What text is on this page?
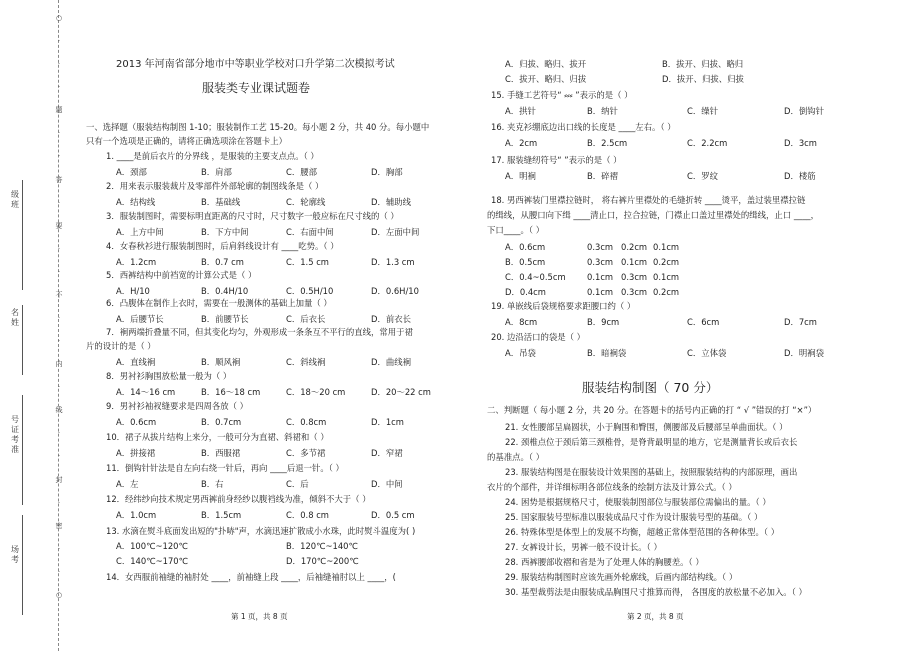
○
·
·
·
题
·
·
答
·
要
·
·
不
·
·
内
·
线
·
·
封
·
密
·
·
○
级班
名姓
号证考准
场考
2013 年河南省部分地市中等职业学校对口升学第二次模拟考试
服装类专业课试题卷
一、选择题（服装结构制图 1-10；服装制作工艺 15-20。每小题 2 分，共 40 分。每小题中
只有一个选项是正确的，请将正确选项涂在答题卡上）
7．裥两端折叠量不同，但其变化均匀，外观形成一条条互不平行的直线，常用于裙
13. 水滴在熨斗底面发出短的"扑哧"声，水滴迅速扩散成小水珠，此时熨斗温度为( )
A．100℃~120℃	B．120℃~140℃
C．140℃~170℃	D．170℃~200℃
14．女西服前袖缝的袖肘处 ____，前袖缝上段 ____，后袖缝袖肘以上 ____，(
第 1 页，共 8 页
1. ____是前后衣片的分界线 ，是服装的主要支点点。（ ）
A．颈部	B．肩部	C．腰部	D．胸部
2．用来表示服装裁片及零部件外部轮廓的制图线条是（ ）
A．结构线	B．基础线	C．轮廓线	D．辅助线
3．服装制图时，需要标明直距离的尺寸时，尺寸数字一般应标在尺寸线的（ ）
A．上方中间	B．下方中间	C．右面中间	D．左面中间
4．女春秋衫进行服装制图时，后肩斜线设计有 ____吃势。（ ）
A．1.2cm	B．0.7 cm	C．1.5 cm	D．1.3 cm
5．西裤结构中前裆宽的计算公式是（ ）
A．H/10	B．0.4H/10	C．0.5H/10	D．0.6H/10
6．凸腹体在制作上衣时，需要在一般测体的基础上加量（ ）
A．后腰节长	B．前腰节长	C．后衣长	D．前衣长
片的设计的是（ ）
A．直线裥	B．顺风裥	C．斜线裥	D．曲线裥
8．男衬衫胸围放松量一般为（ ）
A．14～16 cm	B．16～18 cm	C．18～20 cm	D．20～22 cm
9．男衬衫袖衩缝要求是四周各放（ ）
A．0.6cm	B．0.7cm	C．0.8cm	D．1cm
10．裙子从拔片结构上来分，一般可分为直裙、斜裙和（ ）
A．拼接裙	B．西服裙	C．多节裙	D．窄裙
11．倒钩针针法是自左向右绕一针后，再向 ____后退一针。（ ）
A．左	B．右	C．后	D．中间
12．经纬纱向技术规定男西裤前身经纱以腹裆线为准，倾斜不大于（ ）
A．1.0cm	B．1.5cm	C．0.8 cm	D．0.5 cm
A．归拔、略归、拔开	B．拔开、归拔、略归
C．拔开、略归、归拔	D．拔开、归拔、归拔
18. 男西裤装门里襟拉链时， 将右裤片里襟处的毛缝折转 ____烫平，盖过装里襟拉链
的缉线，从腰口向下缉 ____清止口，拉合拉链，门襟止口盖过里襟处的缉线，止口 ____，
下口____。（ ）
A．0.6cm	0.3cm 0.2cm 0.1cm
B．0.5cm	0.3cm 0.1cm 0.2cm
C．0.4~0.5cm	0.1cm 0.3cm 0.1cm
D．0.4cm	0.1cm 0.3cm 0.2cm
服装结构制图（ 70 分）
二、判断题（ 每小题 2 分，共 20 分。在答题卡的括号内正确的打 “ √ ”错误的打 “×”）
21. 女性腰部呈扁圆状，小于胸围和臀围，侧腰部及后腰部呈单曲面状。（ ）
22. 颈椎点位于颈后第三颈椎骨，是脊背最明显的地方，它是测量背长或后衣长
的基准点。（ ）
23. 服装结构图是在服装设计效果图的基础上，按照服装结构的内部原理，画出
衣片的个部件，并详细标明各部位线条的绘制方法及计算公式。（ ）
24. 困势是根据规格尺寸，使服装制图部位与服装部位需偏出的量。（ ）
25. 国家服装号型标准以服装成品尺寸作为设计服装号型的基础。（ ）
26. 特殊体型是体型上的发展不均衡，超越正常体型范围的各种体型。（ ）
27. 女裤设计长，男裤一般不设计长。（ ）
28. 西裤腰部收褶和省是为了处理人体的胸腰差。（ ）
29. 服装结构制图时应该先画外轮廓线，后画内部结构线。（ ）
30. 基型裁剪法是由服装成品胸围尺寸推算而得， 各围度的放松量不必加入。（ ）
第 2 页，共 8 页
15. 手缝工艺符号“ ⸗⸗⸗ ”表示的是（ ）
A．拱针	B．纳针	C．缲针	D．倒钩针
16. 夹克衫绷底边出口线的长度是 ____左右。（ ）
A．2cm	B．2.5cm	C．2.2cm	D．3cm
17. 服装缝纫符号“ ”表示的是（ ）
A．明裥	B．碎褶	C．罗纹	D．楼筋
19. 单嵌线后袋规格要求距腰口约（ ）
A．8cm	B．9cm	C．6cm	D．7cm
20. 边沿活口的袋是（ ）
A．吊袋	B．暗裥袋	C．立体袋	D．明裥袋
